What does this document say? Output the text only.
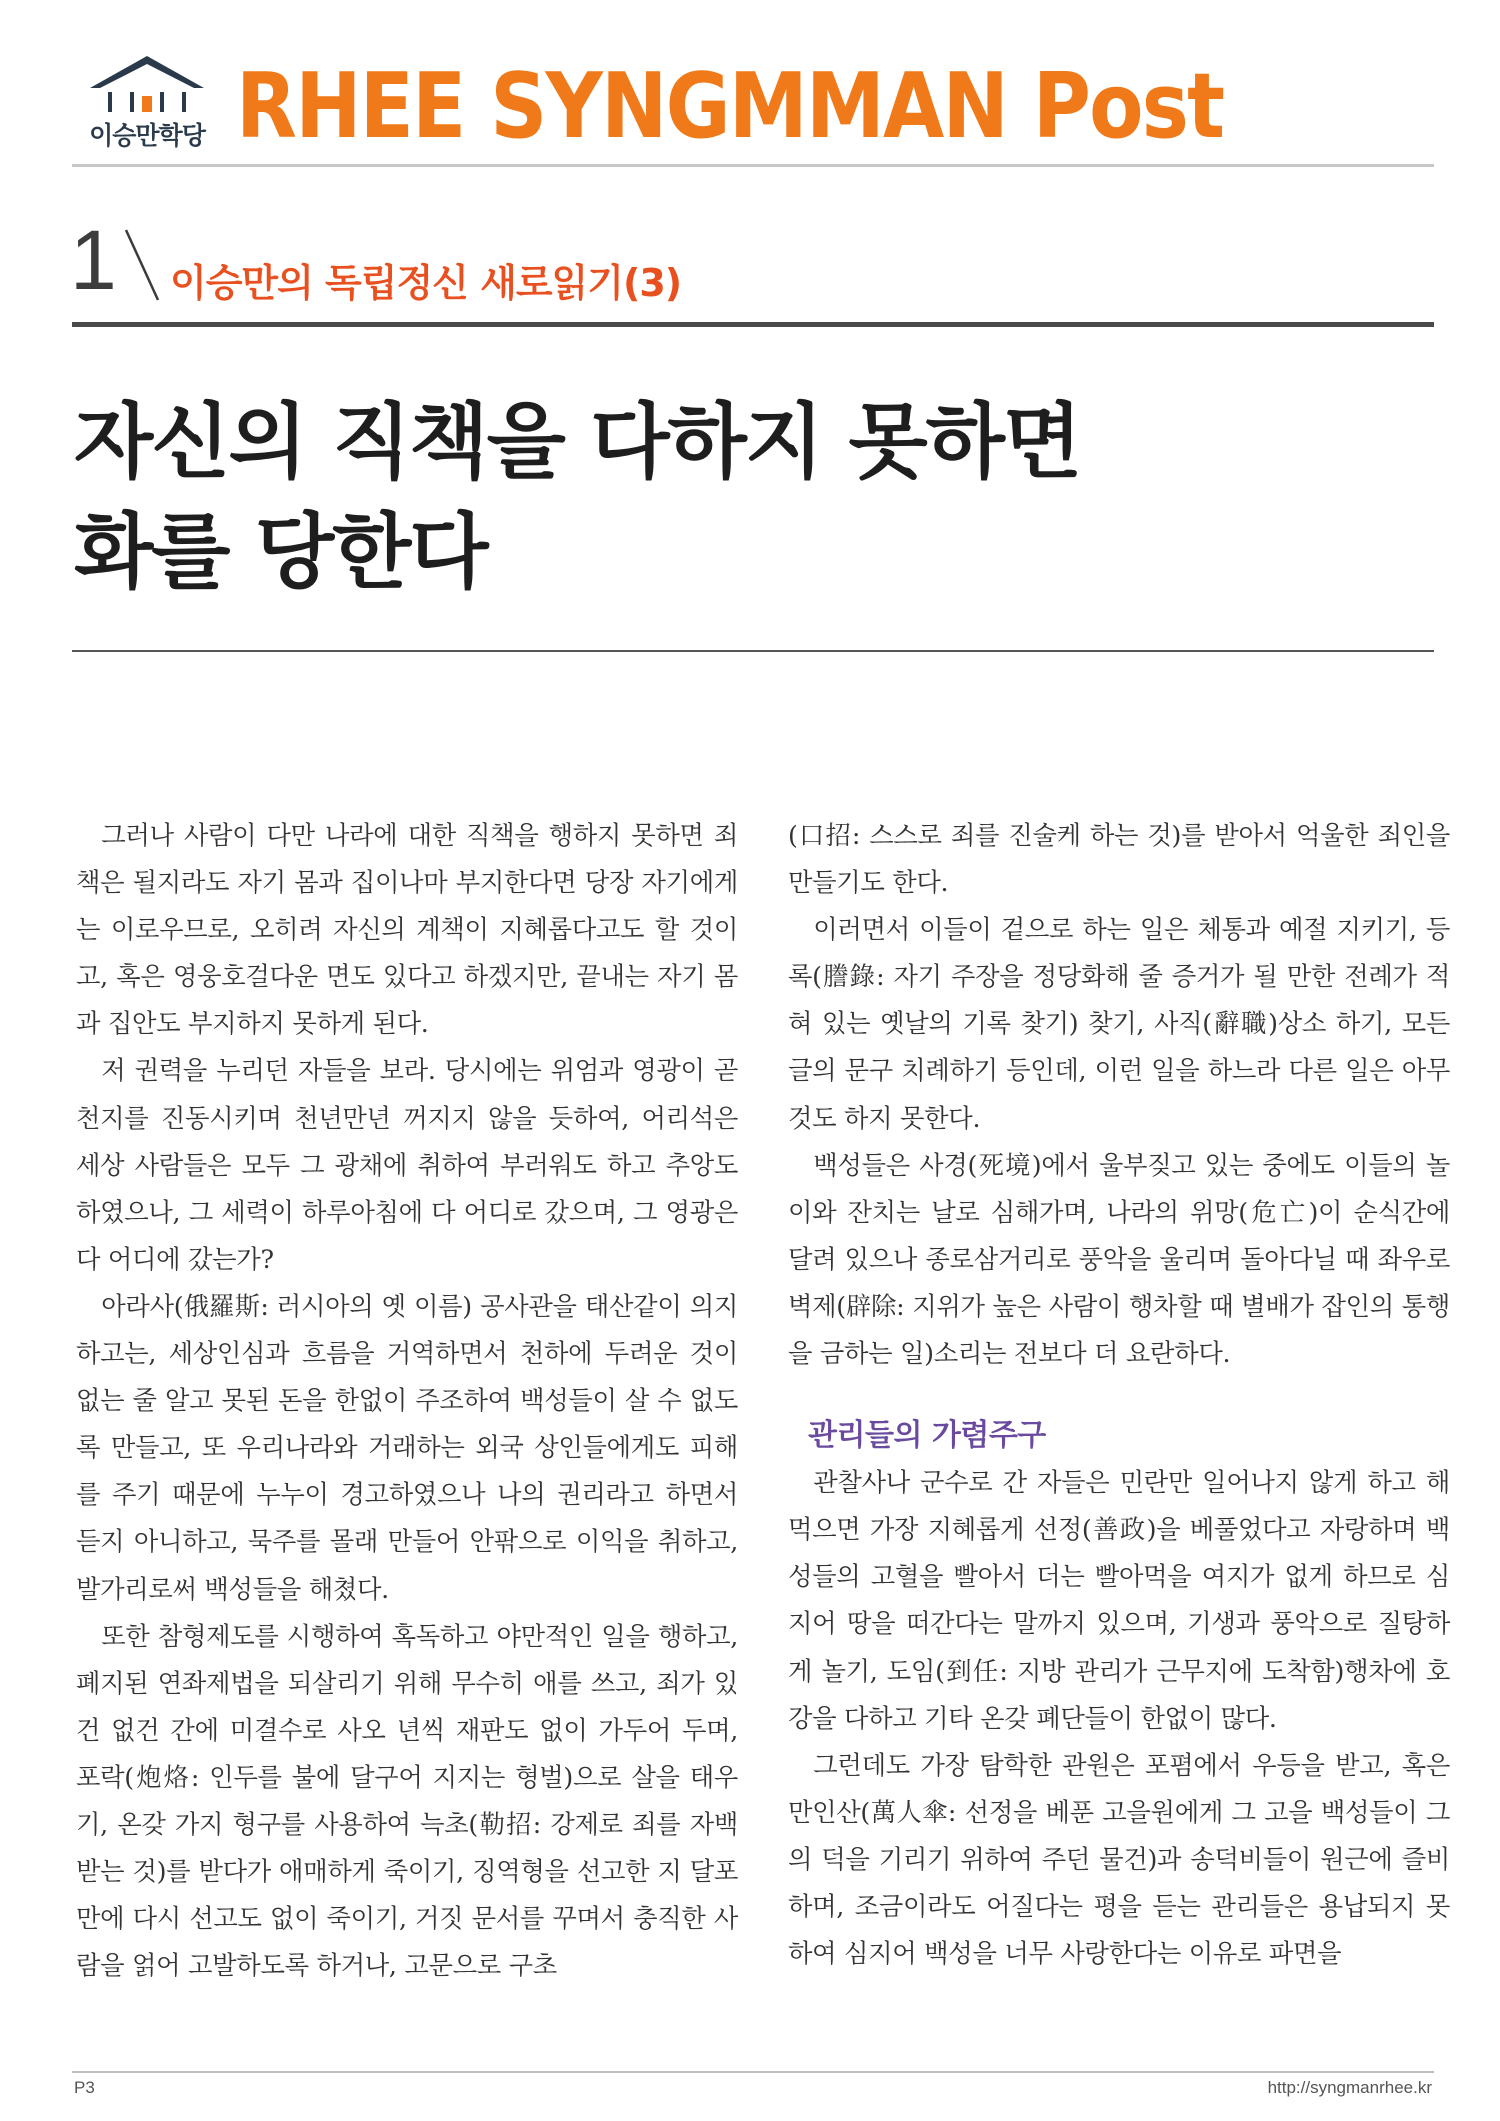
이승만학당 RHEE SYNGMMAN Post
1 이승만의 독립정신 새로읽기(3)
자신의 직책을 다하지 못하면
화를 당한다

그러나 사람이 다만 나라에 대한 직책을 행하지 못하면 죄책은 될지라도 자기 몸과 집이나마 부지한다면 당장 자기에게는 이로우므로, 오히려 자신의 계책이 지혜롭다고도 할 것이고, 혹은 영웅호걸다운 면도 있다고 하겠지만, 끝내는 자기 몸과 집안도 부지하지 못하게 된다.

저 권력을 누리던 자들을 보라. 당시에는 위엄과 영광이 곧 천지를 진동시키며 천년만년 꺼지지 않을 듯하여, 어리석은 세상 사람들은 모두 그 광채에 취하여 부러워도 하고 추앙도 하였으나, 그 세력이 하루아침에 다 어디로 갔으며, 그 영광은 다 어디에 갔는가?

아라사(俄羅斯: 러시아의 옛 이름) 공사관을 태산같이 의지하고는, 세상인심과 흐름을 거역하면서 천하에 두려운 것이 없는 줄 알고 못된 돈을 한없이 주조하여 백성들이 살 수 없도록 만들고, 또 우리나라와 거래하는 외국 상인들에게도 피해를 주기 때문에 누누이 경고하였으나 나의 권리라고 하면서 듣지 아니하고, 묵주를 몰래 만들어 안팎으로 이익을 취하고, 발가리로써 백성들을 해쳤다.

또한 참형제도를 시행하여 혹독하고 야만적인 일을 행하고, 폐지된 연좌제법을 되살리기 위해 무수히 애를 쓰고, 죄가 있건 없건 간에 미결수로 사오 년씩 재판도 없이 가두어 두며, 포락(炮烙: 인두를 불에 달구어 지지는 형벌)으로 살을 태우기, 온갖 가지 형구를 사용하여 늑초(勒招: 강제로 죄를 자백받는 것)를 받다가 애매하게 죽이기, 징역형을 선고한 지 달포 만에 다시 선고도 없이 죽이기, 거짓 문서를 꾸며서 충직한 사람을 얽어 고발하도록 하거나, 고문으로 구초

(口招: 스스로 죄를 진술케 하는 것)를 받아서 억울한 죄인을 만들기도 한다.

이러면서 이들이 겉으로 하는 일은 체통과 예절 지키기, 등록(謄錄: 자기 주장을 정당화해 줄 증거가 될 만한 전례가 적혀 있는 옛날의 기록 찾기) 찾기, 사직(辭職)상소 하기, 모든 글의 문구 치례하기 등인데, 이런 일을 하느라 다른 일은 아무것도 하지 못한다.

백성들은 사경(死境)에서 울부짖고 있는 중에도 이들의 놀이와 잔치는 날로 심해가며, 나라의 위망(危亡)이 순식간에 달려 있으나 종로삼거리로 풍악을 울리며 돌아다닐 때 좌우로 벽제(辟除: 지위가 높은 사람이 행차할 때 별배가 잡인의 통행을 금하는 일)소리는 전보다 더 요란하다.

관리들의 가렴주구

관찰사나 군수로 간 자들은 민란만 일어나지 않게 하고 해먹으면 가장 지혜롭게 선정(善政)을 베풀었다고 자랑하며 백성들의 고혈을 빨아서 더는 빨아먹을 여지가 없게 하므로 심지어 땅을 떠간다는 말까지 있으며, 기생과 풍악으로 질탕하게 놀기, 도임(到任: 지방 관리가 근무지에 도착함)행차에 호강을 다하고 기타 온갖 폐단들이 한없이 많다.

그런데도 가장 탐학한 관원은 포폄에서 우등을 받고, 혹은 만인산(萬人傘: 선정을 베푼 고을원에게 그 고을 백성들이 그의 덕을 기리기 위하여 주던 물건)과 송덕비들이 원근에 즐비하며, 조금이라도 어질다는 평을 듣는 관리들은 용납되지 못하여 심지어 백성을 너무 사랑한다는 이유로 파면을

P3	http://syngmanrhee.kr
